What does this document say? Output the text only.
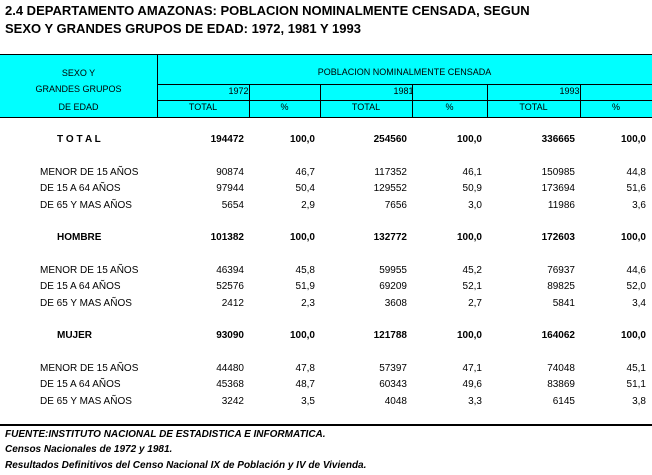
2.4 DEPARTAMENTO AMAZONAS: POBLACION NOMINALMENTE CENSADA, SEGUN
SEXO Y GRANDES GRUPOS DE EDAD: 1972, 1981 Y 1993
SEXO Y
GRANDES GRUPOS
DE EDAD
POBLACION NOMINALMENTE CENSADA
1972	1981	1993
TOTAL	%	TOTAL	%	TOTAL	%
T O T A L	194472	100,0	254560	100,0	336665	100,0
MENOR DE 15 AÑOS	90874	46,7	117352	46,1	150985	44,8
DE 15 A 64 AÑOS	97944	50,4	129552	50,9	173694	51,6
DE 65 Y MAS AÑOS	5654	2,9	7656	3,0	11986	3,6
HOMBRE	101382	100,0	132772	100,0	172603	100,0
MENOR DE 15 AÑOS	46394	45,8	59955	45,2	76937	44,6
DE 15 A 64 AÑOS	52576	51,9	69209	52,1	89825	52,0
DE 65 Y MAS AÑOS	2412	2,3	3608	2,7	5841	3,4
MUJER	93090	100,0	121788	100,0	164062	100,0
MENOR DE 15 AÑOS	44480	47,8	57397	47,1	74048	45,1
DE 15 A 64 AÑOS	45368	48,7	60343	49,6	83869	51,1
DE 65 Y MAS AÑOS	3242	3,5	4048	3,3	6145	3,8
FUENTE:INSTITUTO NACIONAL DE ESTADISTICA E INFORMATICA.
Censos Nacionales de 1972 y 1981.
Resultados Definitivos del Censo Nacional IX de Población y IV de Vivienda.
